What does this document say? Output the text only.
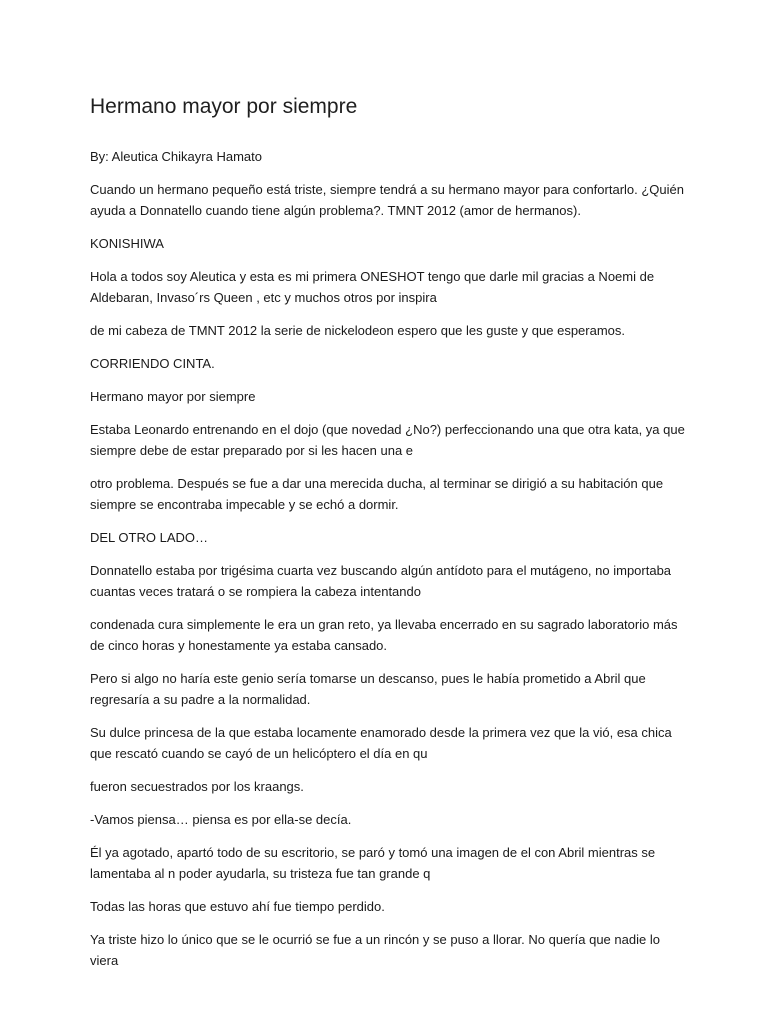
Hermano mayor por siempre

By: Aleutica Chikayra Hamato

Cuando un hermano pequeño está triste, siempre tendrá a su hermano mayor para confortarlo. ¿Quién ayuda a Donnatello cuando tiene algún problema?. TMNT 2012 (amor de hermanos).

KONISHIWA

Hola a todos soy Aleutica y esta es mi primera ONESHOT tengo que darle mil gracias a Noemi de Aldebaran, Invaso´rs Queen , etc y muchos otros por inspira

de mi cabeza de TMNT 2012 la serie de nickelodeon espero que les guste y que esperamos.

CORRIENDO CINTA.

Hermano mayor por siempre

Estaba Leonardo entrenando en el dojo (que novedad ¿No?) perfeccionando una que otra kata, ya que siempre debe de estar preparado por si les hacen una e

otro problema. Después se fue a dar una merecida ducha, al terminar se dirigió a su habitación que siempre se encontraba impecable y se echó a dormir.

DEL OTRO LADO…

Donnatello estaba por trigésima cuarta vez buscando algún antídoto para el mutágeno, no importaba cuantas veces tratará o se rompiera la cabeza intentando

condenada cura simplemente le era un gran reto, ya llevaba encerrado en su sagrado laboratorio más de cinco horas y honestamente ya estaba cansado.

Pero si algo no haría este genio sería tomarse un descanso, pues le había prometido a Abril que regresaría a su padre a la normalidad.

Su dulce princesa de la que estaba locamente enamorado desde la primera vez que la vió, esa chica que rescató cuando se cayó de un helicóptero el día en qu

fueron secuestrados por los kraangs.

-Vamos piensa… piensa es por ella-se decía.

Él ya agotado, apartó todo de su escritorio, se paró y tomó una imagen de el con Abril mientras se lamentaba al n poder ayudarla, su tristeza fue tan grande q

Todas las horas que estuvo ahí fue tiempo perdido.

Ya triste hizo lo único que se le ocurrió se fue a un rincón y se puso a llorar. No quería que nadie lo viera
